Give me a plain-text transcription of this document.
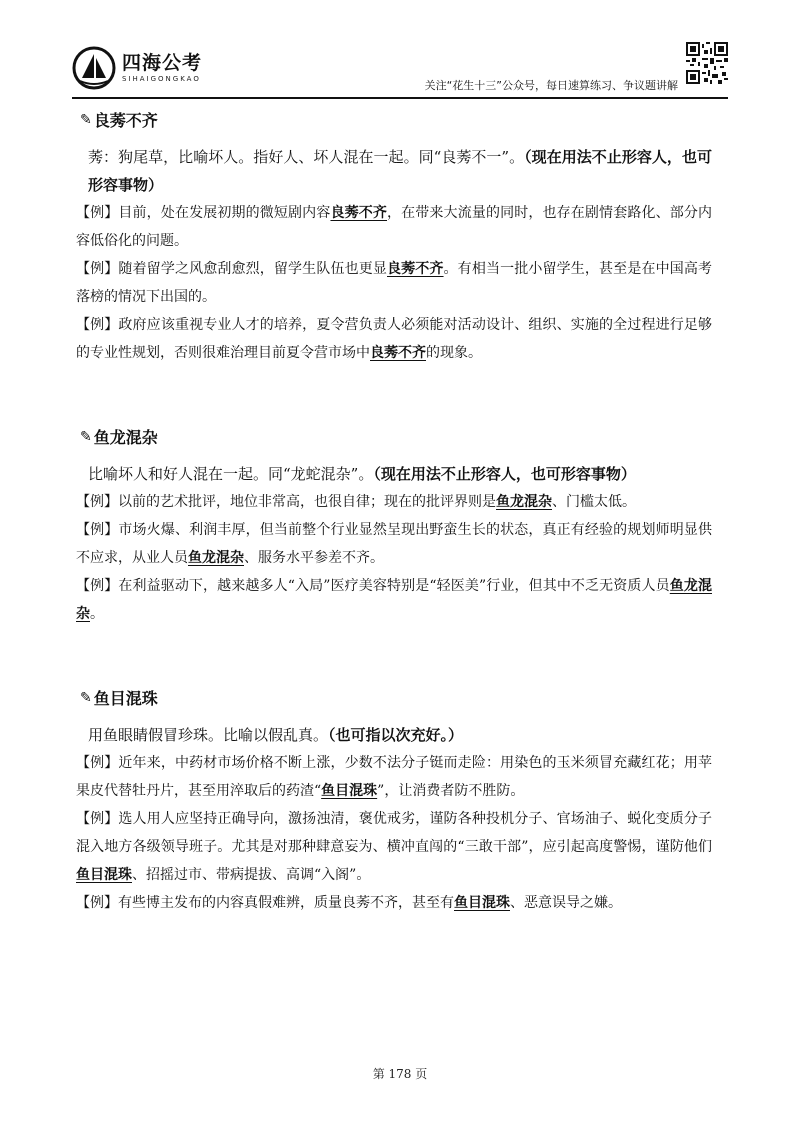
四海公考
SIHAIGONGKAO	关注“花生十三”公众号，每日速算练习、争议题讲解
✎ 良莠不齐

莠：狗尾草，比喻坏人。指好人、坏人混在一起。同“良莠不一”。（现在用法不止形容人，也可形容事物）

【例】目前，处在发展初期的微短剧内容良莠不齐，在带来大流量的同时，也存在剧情套路化、部分内容低俗化的问题。

【例】随着留学之风愈刮愈烈，留学生队伍也更显良莠不齐。有相当一批小留学生，甚至是在中国高考落榜的情况下出国的。

【例】政府应该重视专业人才的培养，夏令营负责人必须能对活动设计、组织、实施的全过程进行足够的专业性规划，否则很难治理目前夏令营市场中良莠不齐的现象。

✎ 鱼龙混杂

比喻坏人和好人混在一起。同“龙蛇混杂”。（现在用法不止形容人，也可形容事物）

【例】以前的艺术批评，地位非常高，也很自律；现在的批评界则是鱼龙混杂、门槛太低。

【例】市场火爆、利润丰厚，但当前整个行业显然呈现出野蛮生长的状态，真正有经验的规划师明显供不应求，从业人员鱼龙混杂、服务水平参差不齐。

【例】在利益驱动下，越来越多人“入局”医疗美容特别是“轻医美”行业，但其中不乏无资质人员鱼龙混杂。

✎ 鱼目混珠

用鱼眼睛假冒珍珠。比喻以假乱真。（也可指以次充好。）

【例】近年来，中药材市场价格不断上涨，少数不法分子铤而走险：用染色的玉米须冒充藏红花；用苹果皮代替牡丹片，甚至用淬取后的药渣“鱼目混珠”，让消费者防不胜防。

【例】选人用人应坚持正确导向，激扬浊清，褒优戒劣，谨防各种投机分子、官场油子、蜕化变质分子混入地方各级领导班子。尤其是对那种肆意妄为、横冲直闯的“三敢干部”，应引起高度警惕，谨防他们鱼目混珠、招摇过市、带病提拔、高调“入阁”。

【例】有些博主发布的内容真假难辨，质量良莠不齐，甚至有鱼目混珠、恶意误导之嫌。

第 178 页
